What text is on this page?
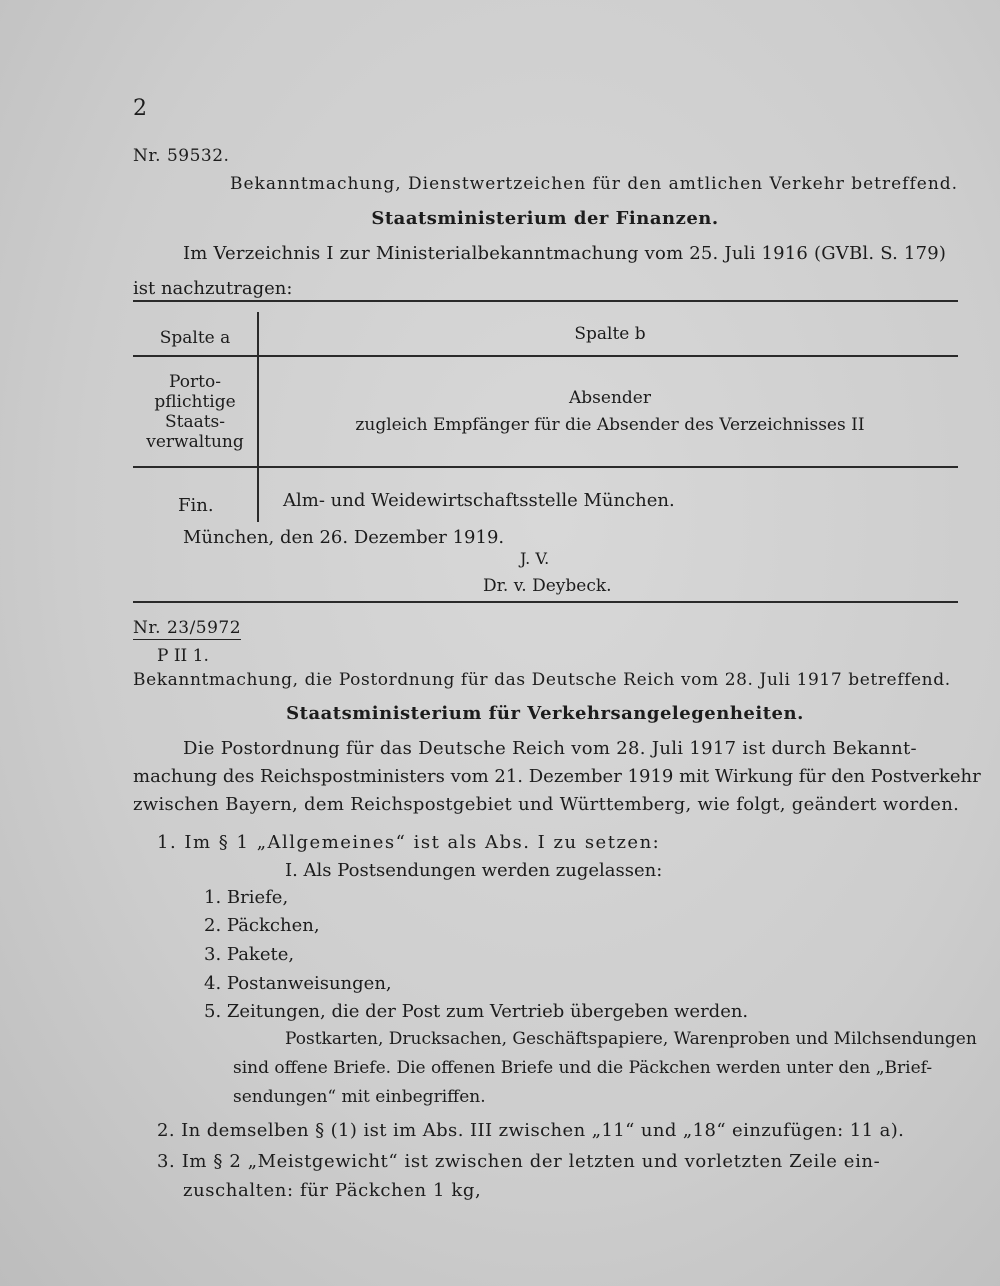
2
Nr. 59532.
Bekanntmachung, Dienstwertzeichen für den amtlichen Verkehr betreffend.
Staatsministerium der Finanzen.
Im Verzeichnis I zur Ministerialbekanntmachung vom 25. Juli 1916 (GVBl. S. 179)
ist nachzutragen:
Spalte a	Spalte b
Porto-
pflichtige
Staats-
verwaltung
Absender
zugleich Empfänger für die Absender des Verzeichnisses II
Fin.	Alm- und Weidewirtschaftsstelle München.
München, den 26. Dezember 1919.
J. V.
Dr. v. Deybeck.
Nr. 23/5972
P II 1.
Bekanntmachung, die Postordnung für das Deutsche Reich vom 28. Juli 1917 betreffend.
Staatsministerium für Verkehrsangelegenheiten.
Die Postordnung für das Deutsche Reich vom 28. Juli 1917 ist durch Bekannt-
machung des Reichspostministers vom 21. Dezember 1919 mit Wirkung für den Postverkehr
zwischen Bayern, dem Reichspostgebiet und Württemberg, wie folgt, geändert worden.
1. Im § 1 „Allgemeines“ ist als Abs. I zu setzen:
I. Als Postsendungen werden zugelassen:
1. Briefe,
2. Päckchen,
3. Pakete,
4. Postanweisungen,
5. Zeitungen, die der Post zum Vertrieb übergeben werden.
Postkarten, Drucksachen, Geschäftspapiere, Warenproben und Milchsendungen
sind offene Briefe. Die offenen Briefe und die Päckchen werden unter den „Brief-
sendungen“ mit einbegriffen.
2. In demselben § (1) ist im Abs. III zwischen „11“ und „18“ einzufügen: 11 a).
3. Im § 2 „Meistgewicht“ ist zwischen der letzten und vorletzten Zeile ein-
zuschalten: für Päckchen 1 kg,
